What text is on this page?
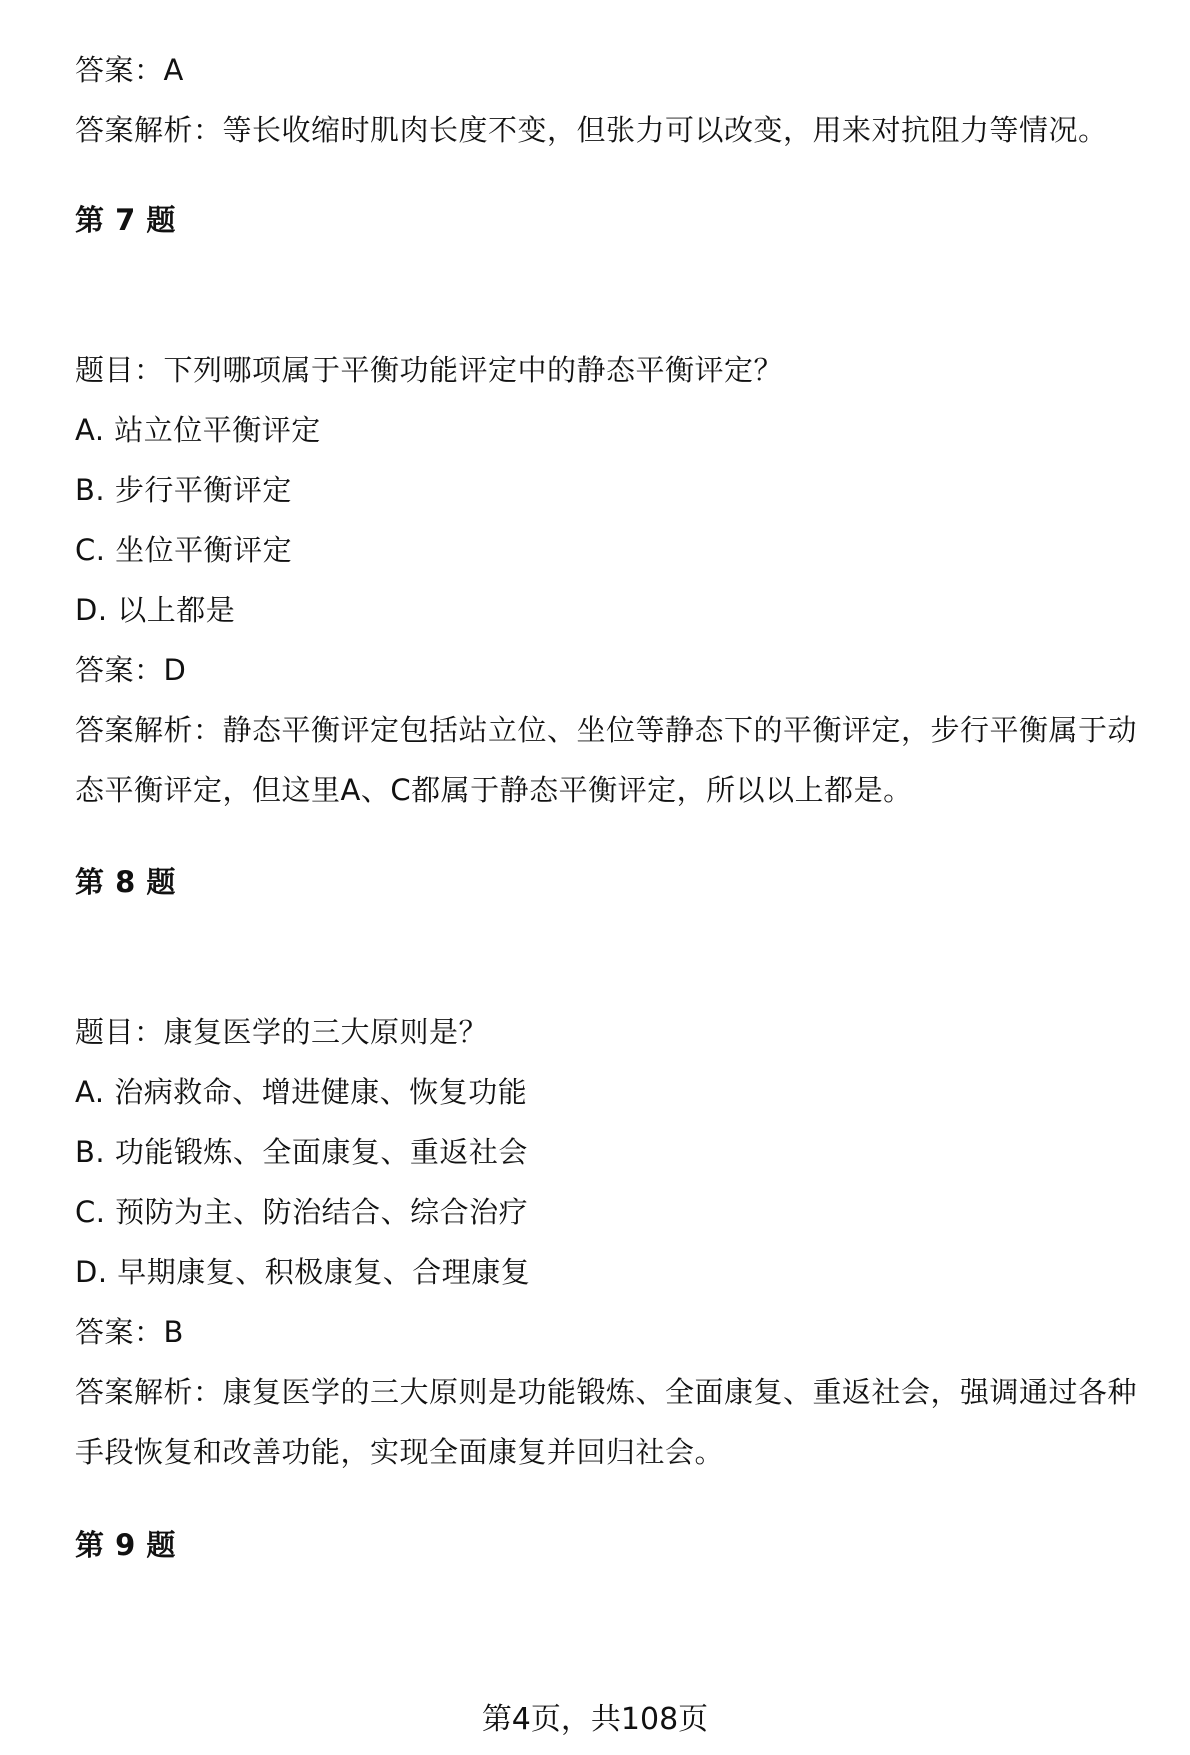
答案：A
答案解析：等长收缩时肌肉长度不变，但张力可以改变，用来对抗阻力等情况。
第 7 题
题目：下列哪项属于平衡功能评定中的静态平衡评定？
A. 站立位平衡评定
B. 步行平衡评定
C. 坐位平衡评定
D. 以上都是
答案：D
答案解析：静态平衡评定包括站立位、坐位等静态下的平衡评定，步行平衡属于动
态平衡评定，但这里A、C都属于静态平衡评定，所以以上都是。
第 8 题
题目：康复医学的三大原则是？
A. 治病救命、增进健康、恢复功能
B. 功能锻炼、全面康复、重返社会
C. 预防为主、防治结合、综合治疗
D. 早期康复、积极康复、合理康复
答案：B
答案解析：康复医学的三大原则是功能锻炼、全面康复、重返社会，强调通过各种
手段恢复和改善功能，实现全面康复并回归社会。
第 9 题
第4页，共108页
